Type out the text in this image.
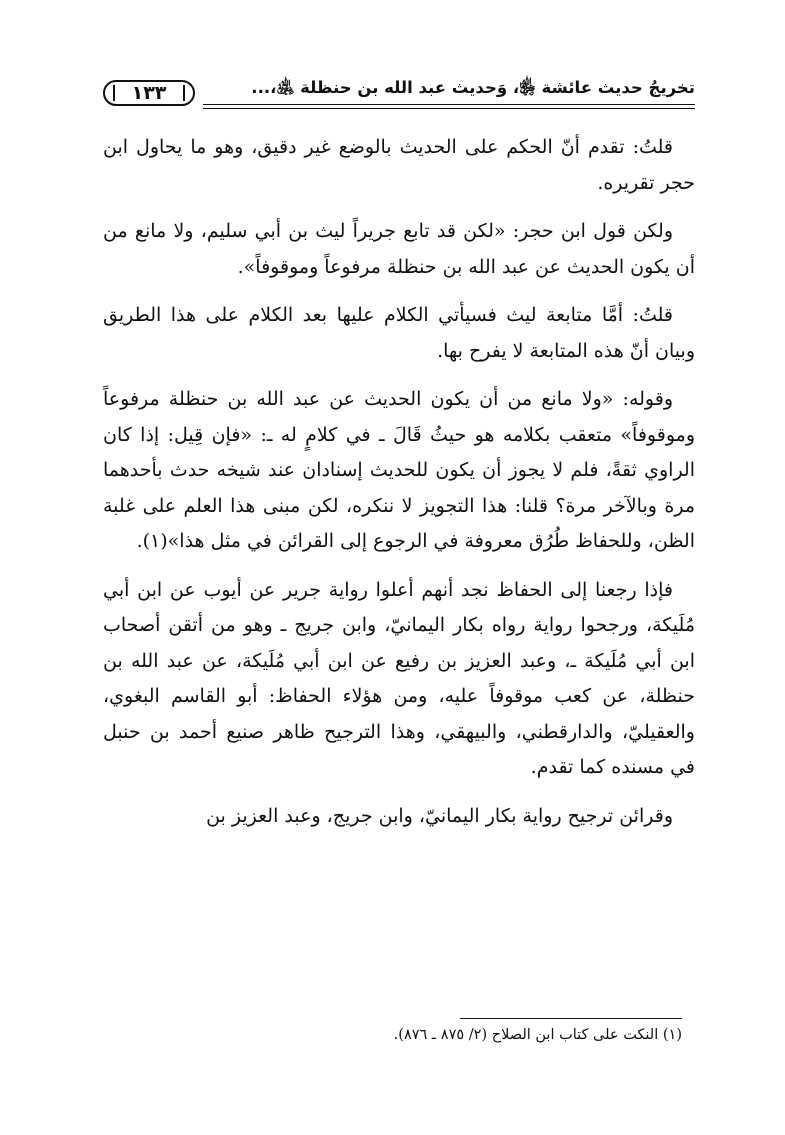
تخريجُ حديث عائشة ﵂، وَحديث عبد الله بن حنظلة ﵁،...
١٣٣

قلتُ: تقدم أنّ الحكم على الحديث بالوضع غير دقيق، وهو ما يحاول ابن حجر تقريره.

ولكن قول ابن حجر: «لكن قد تابع جريراً ليث بن أبي سليم، ولا مانع من أن يكون الحديث عن عبد الله بن حنظلة مرفوعاً وموقوفاً».

قلتُ: أمَّا متابعة ليث فسيأتي الكلام عليها بعد الكلام على هذا الطريق وبيان أنّ هذه المتابعة لا يفرح بها.

وقوله: «ولا مانع من أن يكون الحديث عن عبد الله بن حنظلة مرفوعاً وموقوفاً» متعقب بكلامه هو حيثُ قَالَ ـ في كلامٍ له ـ: «فإن قِيل: إذا كان الراوي ثقةً، فلم لا يجوز أن يكون للحديث إسنادان عند شيخه حدث بأحدهما مرة وبالآخر مرة؟ قلنا: هذا التجويز لا ننكره، لكن مبنى هذا العلم على غلبة الظن، وللحفاظ طُرُق معروفة في الرجوع إلى القرائن في مثل هذا»(١).

فإذا رجعنا إلى الحفاظ نجد أنهم أعلوا رواية جرير عن أيوب عن ابن أبي مُلَيكة، ورجحوا رواية رواه بكار اليمانيّ، وابن جريج ـ وهو من أتقن أصحاب ابن أبي مُلَيكة ـ، وعبد العزيز بن رفيع عن ابن أبي مُلَيكة، عن عبد الله بن حنظلة، عن كعب موقوفاً عليه، ومن هؤلاء الحفاظ: أبو القاسم البغوي، والعقيليّ، والدارقطني، والبيهقي، وهذا الترجيح ظاهر صنيع أحمد بن حنبل في مسنده كما تقدم.

وقرائن ترجيح رواية بكار اليمانيّ، وابن جريج، وعبد العزيز بن

(١) النكت على كتاب ابن الصلاح (٢/ ٨٧٥ ـ ٨٧٦).
